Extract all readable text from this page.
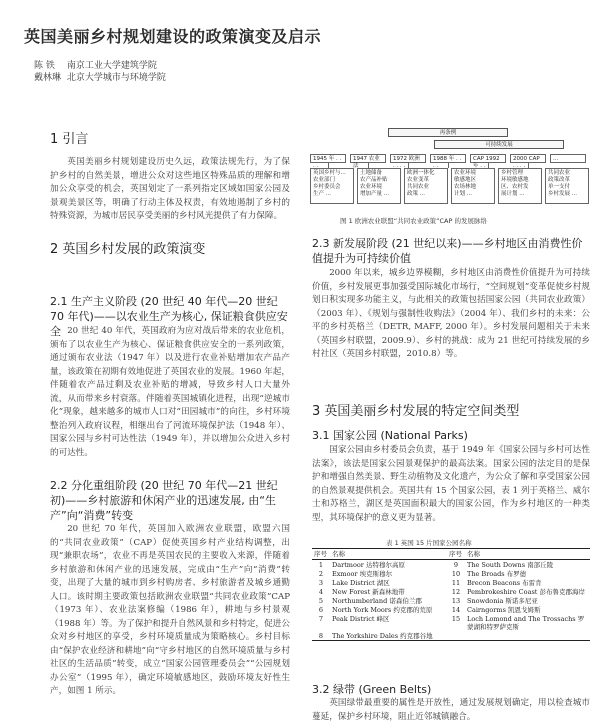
英国美丽乡村规划建设的政策演变及启示
陈 铁 南京工业大学建筑学院
戴林琳 北京大学城市与环境学院
1 引言

英国美丽乡村规划建设历史久远，政策法规先行，为了保护乡村的自然美景，增进公众对这些地区特殊品质的理解和增加公众享受的机会，英国划定了一系列指定区域如国家公园及景观美景区等，明确了行动主体及权责，有效地遏制了乡村的特殊资源，为城市居民享受美丽的乡村风光提供了有力保障。

2 英国乡村发展的政策演变
2.1 生产主义阶段 (20 世纪 40 年代—20 世纪 70 年代)——以农业生产为核心, 保证粮食供应安全 20 世纪 40 年代，英国政府为应对战后带来的农业危机，颁布了以农业生产为核心、保证粮食供应安全的一系列政策，通过颁布农业法（1947 年）以及进行农业补贴增加农产品产量，该政策在初期有效地促进了英国农业的发展。1960 年起，伴随着农产品过剩及农业补贴的增减，导致乡村人口大量外流，从而带来乡村衰落。伴随着英国城镇化进程，出现“逆城市化”现象，越来越多的城市人口对“田园城市”的向往，乡村环境整治列入政府议程，相继出台了河流环境保护法（1948 年）、国家公园与乡村可达性法（1949 年），并以增加公众进入乡村的可达性。

2.2 分化重组阶段 (20 世纪 70 年代—21 世纪初)——乡村旅游和休闲产业的迅速发展, 由“生产”向“消费”转变

20 世纪 70 年代，英国加入欧洲农业联盟，欧盟六国的“共同农业政策”（CAP）促使英国乡村产业结构调整，出现“兼职农场”，农业不再是英国农民的主要收入来源，伴随着乡村旅游和休闲产业的迅速发展，完成由“生产”向“消费”转变，出现了大量的城市到乡村购房者、乡村旅游者及城乡通勤人口。该时期主要政策包括欧洲农业联盟“共同农业政策”CAP（1973 年）、农业法案修编（1986 年），耕地与乡村景观（1988 年）等。为了保护和提升自然风景和乡村特定，促进公众对乡村地区的享受，乡村环境质量成为策略核心。乡村目标由“保护农业经济和耕地”向“守乡村地区的自然环境质量与乡村社区的生活品质”转变，成立“国家公园管理委员会”“公园规划办公室”（1995 年），确定环境敏感地区，鼓励环境友好性生产，如图 1 所示。

再条例
可持续发展
1945 年 . . . .
1947 农业法
1972 欧洲 . . . .
1988 年 . . . .
CAP 1992 年 . .
2000 CAP . . . .
...
英国乡村与...
农业部门
乡村委员会
生产 ...
土地储备
农产品补贴
农业环境
增加产量 ...
欧洲一体化
农业变革
共同农业
政策 ...
农业环境
敏感地区
农场林地
计划 ...
乡村管理
环境敏感地
区、农村发
展计划 ...
共同农业
政策改革
单一支付
乡村发展 ...
图 1 欧洲农业联盟“共同农业政策”CAP 的发展脉络
2.3 新发展阶段 (21 世纪以来)——乡村地区由消费性价值提升为可持续价值

2000 年以来，城乡边界模糊，乡村地区由消费性价值提升为可持续价值，乡村发展更事加强受国际城化市场行，“空间规划”变革促使乡村规划日积实现多功能主义，与此相关的政策包括国家公园（共同农业政策）（2003 年）、《规划与强制性收购法》（2004 年）、我们乡村的未来：公平的乡村英格兰（DETR, MAFF, 2000 年）。乡村发展问题相关于未来（英国乡村联盟，2009.9）、乡村的挑战：成为 21 世纪可持续发展的乡村社区（英国乡村联盟，2010.8）等。

3 英国美丽乡村发展的特定空间类型
3.1 国家公园 (National Parks)

国家公园由乡村委员会负责，基于 1949 年《国家公园与乡村可达性法案》，该法是国家公园景观保护的最高法案。国家公园的法定目的是保护和增强自然美景、野生动植物及文化遗产，为公众了解和享受国家公园的自然景观提供机会。英国共有 15 个国家公园，表 1 列于英格兰、威尔士和苏格兰，湖区是英国面积最大的国家公园，作为乡村地区的一种类型，其环境保护的意义更为显著。

表 1 英国 15 片国家公园名称
序号	名称	序号	名称
1	Dartmoor 达特穆尔高原	9	The South Downs 南部丘陵
2	Exmoor 埃克斯穆尔	10	The Broads 布罗德
3	Lake District 湖区	11	Brecon Beacons 布雷肯
4	New Forest 新森林地带	12	Pembrokeshire Coast 彭布鲁克郡海岸
5	Northumberland 诺森伯兰郡	13	Snowdonia 斯诺多尼亚
6	North York Moors 约克郡的荒原	14	Cairngorms 凯恩戈姆斯
7	Peak District 峰区	15	Loch Lomond and The Trossachs 罗蒙湖和特罗萨克斯
8	The Yorkshire Dales 约克郡谷地		
3.2 绿带 (Green Belts)

英国绿带最重要的属性是开放性，通过发展规划确定，用以检查城市蔓延，保护乡村环境，阻止近邻城镇融合。
